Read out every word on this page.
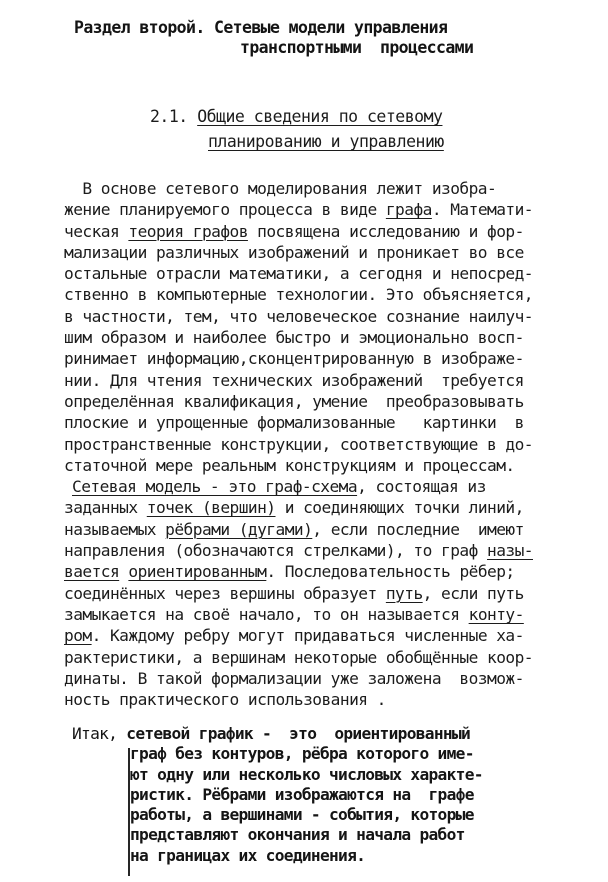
Раздел второй. Сетевые модели управления
транспортными  процессами
2.1. Общие сведения по сетевому
планированию и управлению
В основе сетевого моделирования лежит изобра-
жение планируемого процесса в виде графа. Математи-
ческая теория графов посвящена исследованию и фор-
мализации различных изображений и проникает во все
остальные отрасли математики, а сегодня и непосред-
ственно в компьютерные технологии. Это объясняется,
в частности, тем, что человеческое сознание наилуч-
шим образом и наиболее быстро и эмоционально восп-
ринимает информацию,сконцентрированную в изображе-
нии. Для чтения технических изображений  требуется
определённая квалификация, умение  преобразовывать
плоские и упрощенные формализованные   картинки  в
пространственные конструкции, соответствующие в до-
статочной мере реальным конструкциям и процессам.
Сетевая модель - это граф-схема, состоящая из
заданных точек (вершин) и соединяющих точки линий,
называемых рёбрами (дугами), если последние  имеют
направления (обозначаются стрелками), то граф назы-
вается ориентированным. Последовательность рёбер;
соединённых через вершины образует путь, если путь
замыкается на своё начало, то он называется конту-
ром. Каждому ребру могут придаваться численные ха-
рактеристики, а вершинам некоторые обобщённые коор-
динаты. В такой формализации уже заложена  возмож-
ность практического использования .
Итак, сетевой график -  это  ориентированный
граф без контуров, рёбра которого име-
ют одну или несколько числовых характе-
ристик. Рёбрами изображаются на  графе
работы, а вершинами - события, которые
представляют окончания и начала работ
на границах их соединения.
